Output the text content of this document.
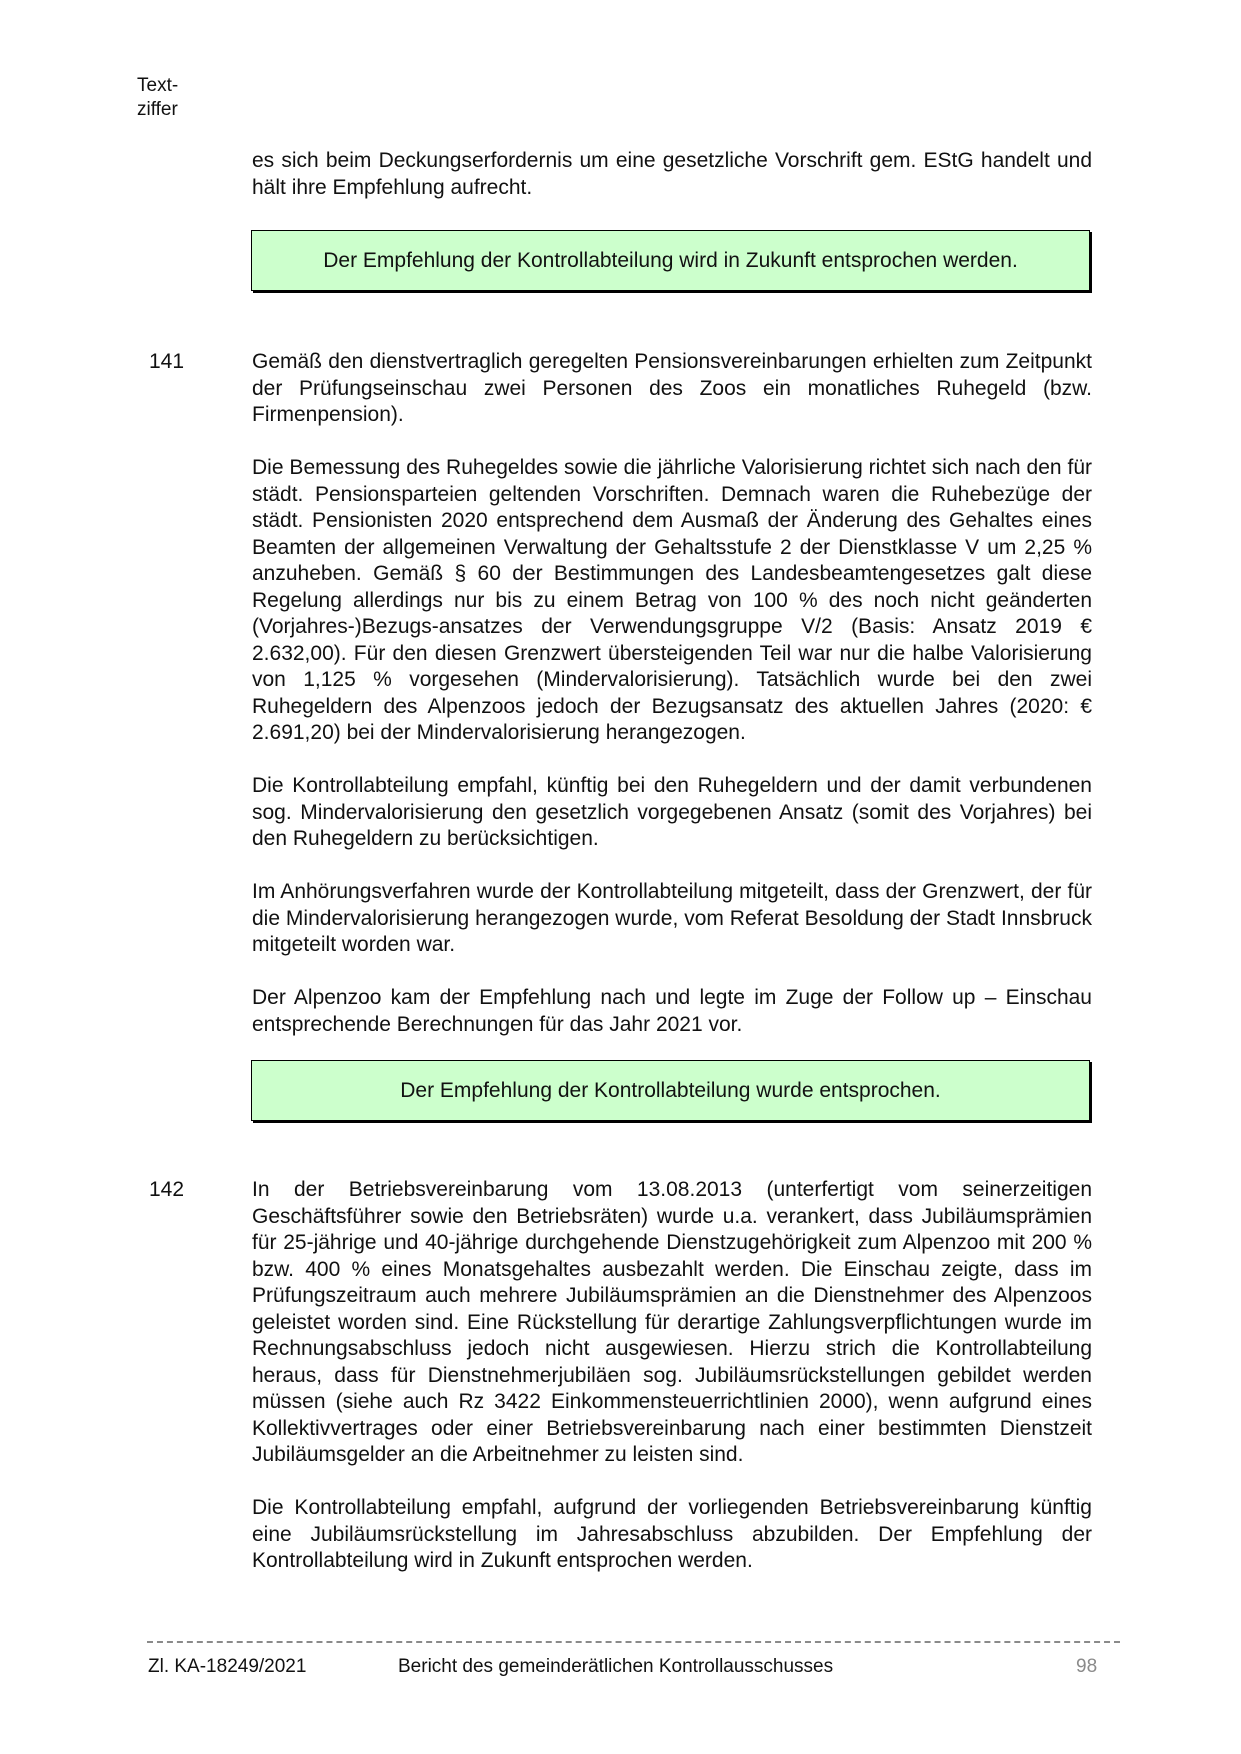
Text-
ziffer

es sich beim Deckungserfordernis um eine gesetzliche Vorschrift gem. EStG handelt und hält ihre Empfehlung aufrecht.

Der Empfehlung der Kontrollabteilung wird in Zukunft entsprochen werden.
141	Gemäß den dienstvertraglich geregelten Pensionsvereinbarungen erhielten zum Zeitpunkt der Prüfungseinschau zwei Personen des Zoos ein monatliches Ruhegeld (bzw. Firmenpension).

Die Bemessung des Ruhegeldes sowie die jährliche Valorisierung richtet sich nach den für städt. Pensionsparteien geltenden Vorschriften. Demnach waren die Ruhebezüge der städt. Pensionisten 2020 entsprechend dem Ausmaß der Änderung des Gehaltes eines Beamten der allgemeinen Verwaltung der Gehaltsstufe 2 der Dienstklasse V um 2,25 % anzuheben. Gemäß § 60 der Bestimmungen des Landesbeamtengesetzes galt diese Regelung allerdings nur bis zu einem Betrag von 100 % des noch nicht geänderten (Vorjahres-)Bezugs-ansatzes der Verwendungsgruppe V/2 (Basis: Ansatz 2019 € 2.632,00). Für den diesen Grenzwert übersteigenden Teil war nur die halbe Valorisierung von 1,125 % vorgesehen (Mindervalorisierung). Tatsächlich wurde bei den zwei Ruhegeldern des Alpenzoos jedoch der Bezugsansatz des aktuellen Jahres (2020: € 2.691,20) bei der Mindervalorisierung herangezogen.

Die Kontrollabteilung empfahl, künftig bei den Ruhegeldern und der damit verbundenen sog. Mindervalorisierung den gesetzlich vorgegebenen Ansatz (somit des Vorjahres) bei den Ruhegeldern zu berücksichtigen.

Im Anhörungsverfahren wurde der Kontrollabteilung mitgeteilt, dass der Grenzwert, der für die Mindervalorisierung herangezogen wurde, vom Referat Besoldung der Stadt Innsbruck mitgeteilt worden war.

Der Alpenzoo kam der Empfehlung nach und legte im Zuge der Follow up – Einschau entsprechende Berechnungen für das Jahr 2021 vor.

Der Empfehlung der Kontrollabteilung wurde entsprochen.
142	In der Betriebsvereinbarung vom 13.08.2013 (unterfertigt vom seinerzeitigen Geschäftsführer sowie den Betriebsräten) wurde u.a. verankert, dass Jubiläumsprämien für 25-jährige und 40-jährige durchgehende Dienstzugehörigkeit zum Alpenzoo mit 200 % bzw. 400 % eines Monatsgehaltes ausbezahlt werden. Die Einschau zeigte, dass im Prüfungszeitraum auch mehrere Jubiläumsprämien an die Dienstnehmer des Alpenzoos geleistet worden sind. Eine Rückstellung für derartige Zahlungsverpflichtungen wurde im Rechnungsabschluss jedoch nicht ausgewiesen. Hierzu strich die Kontrollabteilung heraus, dass für Dienstnehmerjubiläen sog. Jubiläumsrückstellungen gebildet werden müssen (siehe auch Rz 3422 Einkommensteuerrichtlinien 2000), wenn aufgrund eines Kollektivvertrages oder einer Betriebsvereinbarung nach einer bestimmten Dienstzeit Jubiläumsgelder an die Arbeitnehmer zu leisten sind.

Die Kontrollabteilung empfahl, aufgrund der vorliegenden Betriebsvereinbarung künftig eine Jubiläumsrückstellung im Jahresabschluss abzubilden. Der Empfehlung der Kontrollabteilung wird in Zukunft entsprochen werden.

Zl. KA-18249/2021	Bericht des gemeinderätlichen Kontrollausschusses	98
